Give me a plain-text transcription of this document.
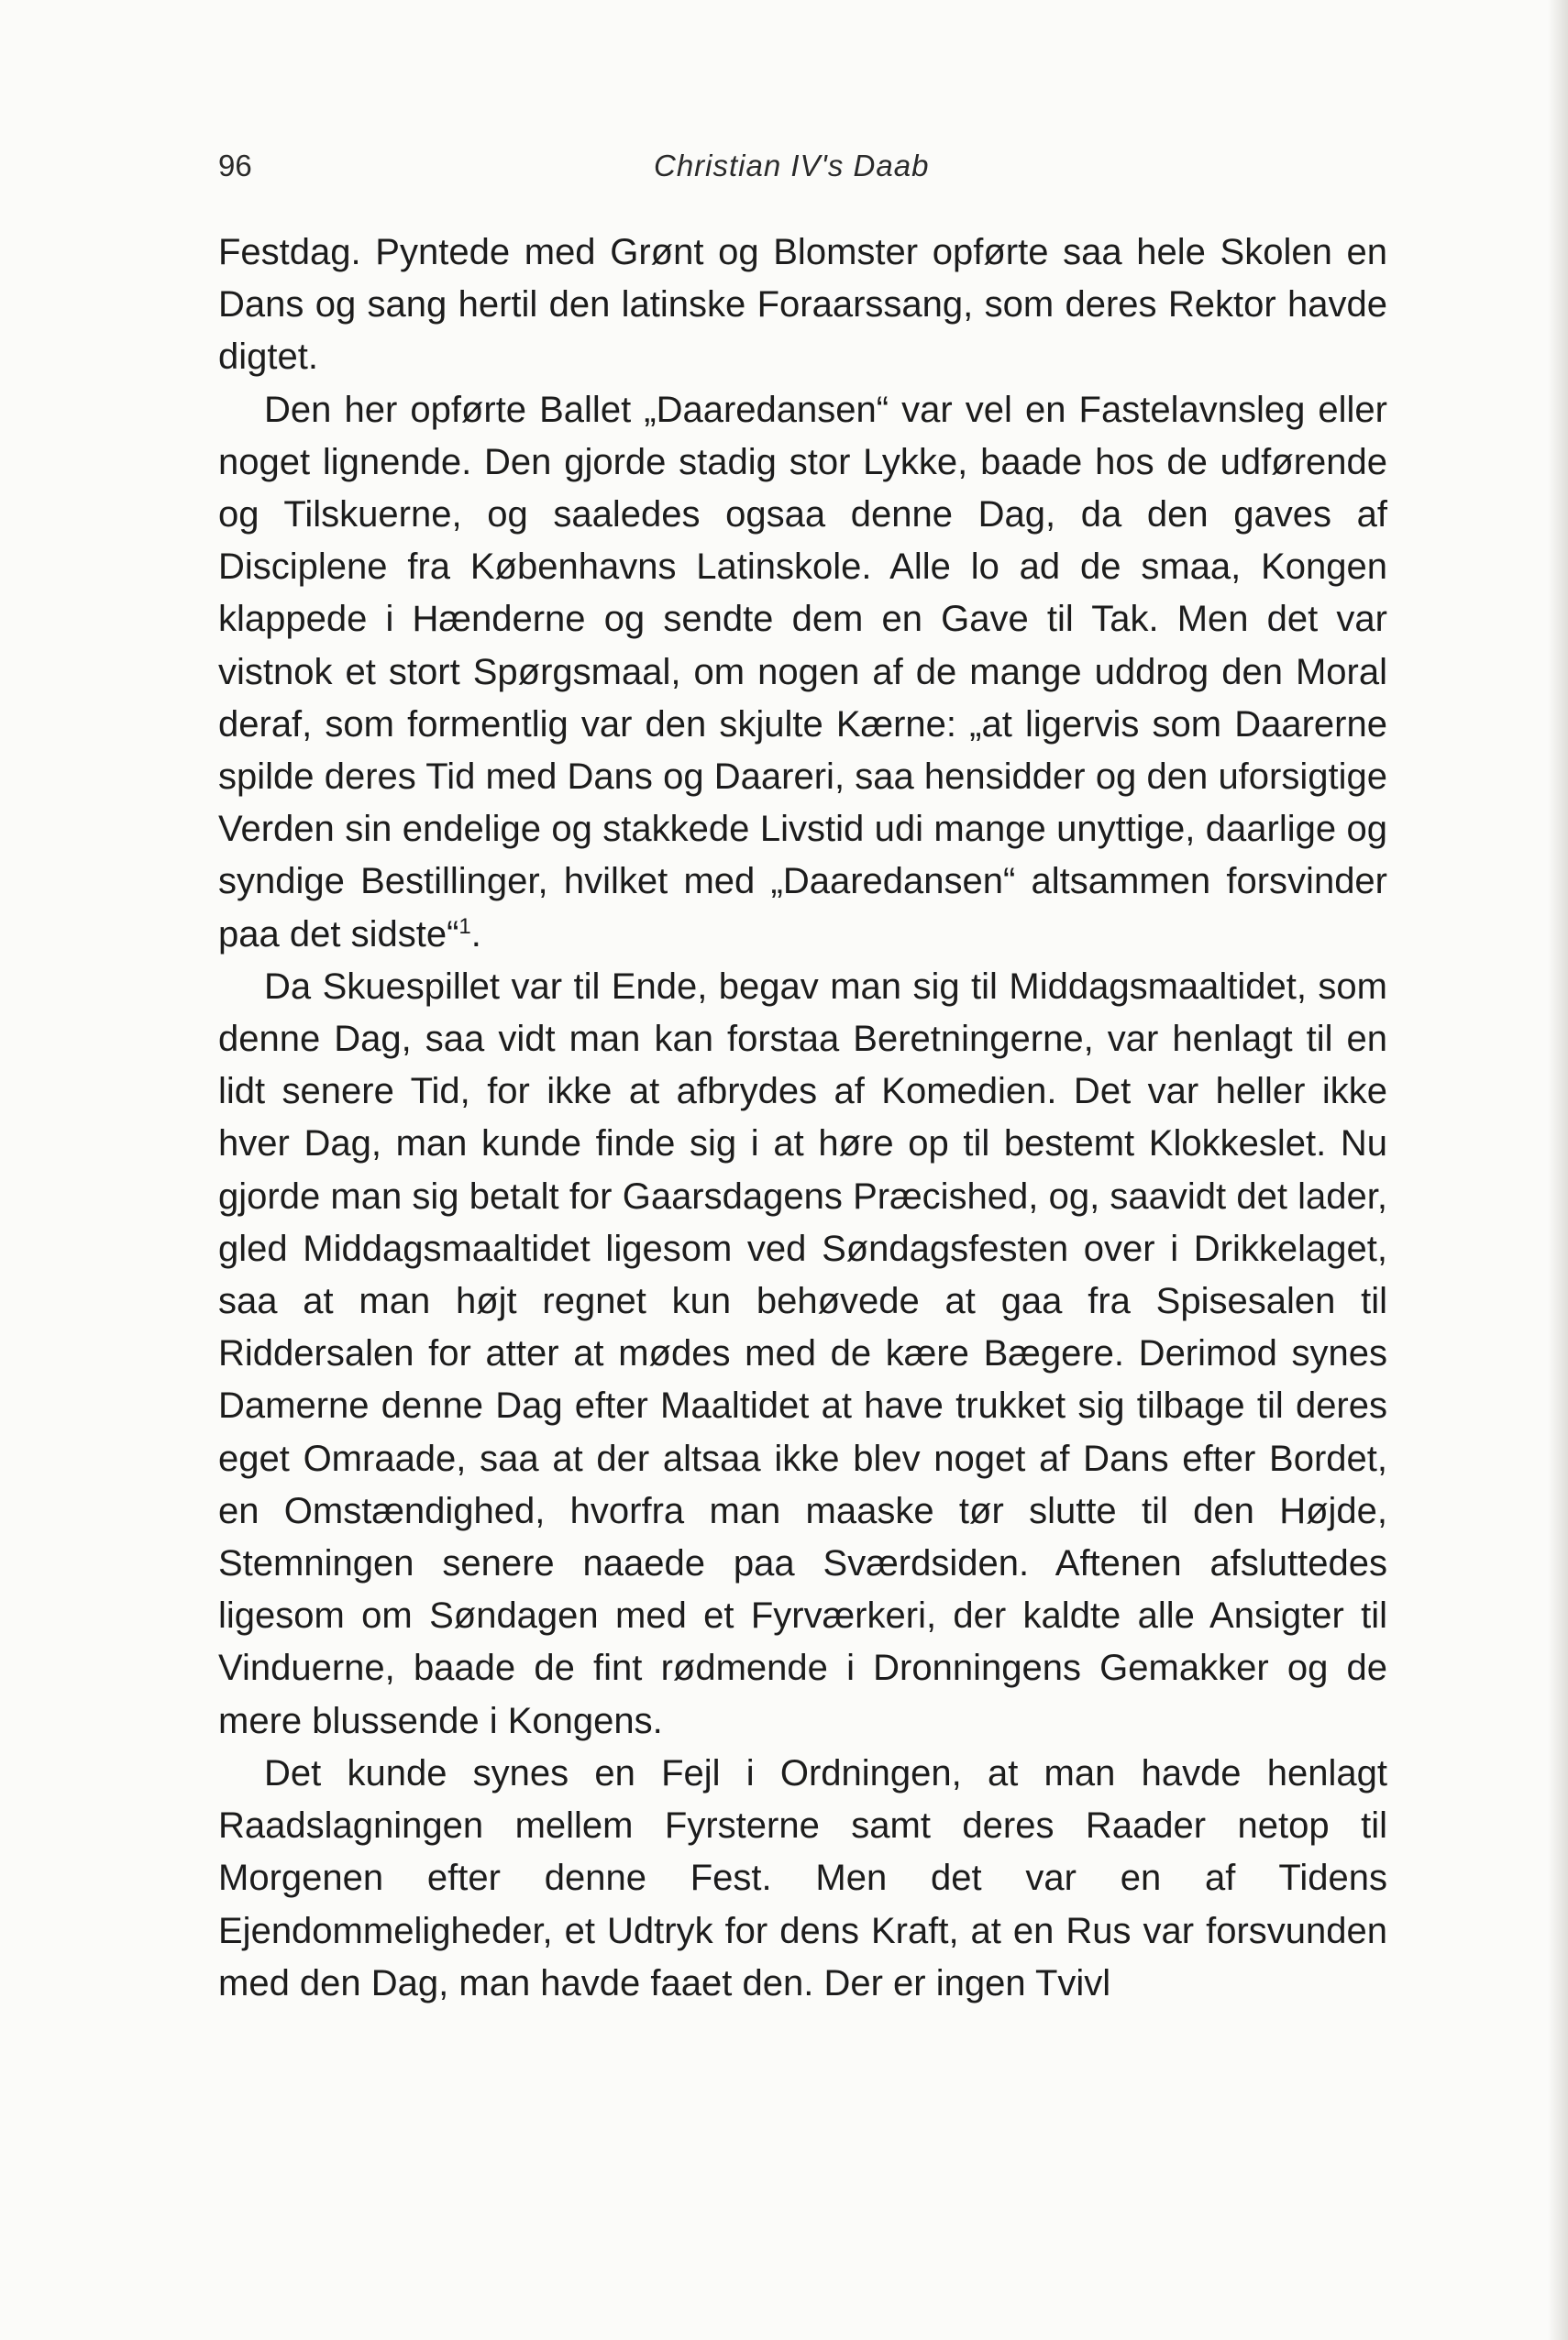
96	Christian IV's Daab

Festdag. Pyntede med Grønt og Blomster opførte saa hele Skolen en Dans og sang hertil den latinske Foraarssang, som deres Rektor havde digtet.

Den her opførte Ballet „Daaredansen“ var vel en Fastelavnsleg eller noget lignende. Den gjorde stadig stor Lykke, baade hos de udførende og Tilskuerne, og saaledes ogsaa denne Dag, da den gaves af Disciplene fra Københavns Latinskole. Alle lo ad de smaa, Kongen klappede i Hænderne og sendte dem en Gave til Tak. Men det var vistnok et stort Spørgsmaal, om nogen af de mange uddrog den Moral deraf, som formentlig var den skjulte Kærne: „at ligervis som Daarerne spilde deres Tid med Dans og Daareri, saa hensidder og den uforsigtige Verden sin endelige og stakkede Livstid udi mange unyttige, daarlige og syndige Bestillinger, hvilket med „Daaredansen“ altsammen forsvinder paa det sidste“$^1$.

Da Skuespillet var til Ende, begav man sig til Middagsmaaltidet, som denne Dag, saa vidt man kan forstaa Beretningerne, var henlagt til en lidt senere Tid, for ikke at afbrydes af Komedien. Det var heller ikke hver Dag, man kunde finde sig i at høre op til bestemt Klokkeslet. Nu gjorde man sig betalt for Gaarsdagens Præcished, og, saavidt det lader, gled Middagsmaaltidet ligesom ved Søndagsfesten over i Drikkelaget, saa at man højt regnet kun behøvede at gaa fra Spisesalen til Riddersalen for atter at mødes med de kære Bægere. Derimod synes Damerne denne Dag efter Maaltidet at have trukket sig tilbage til deres eget Omraade, saa at der altsaa ikke blev noget af Dans efter Bordet, en Omstændighed, hvorfra man maaske tør slutte til den Højde, Stemningen senere naaede paa Sværdsiden. Aftenen afsluttedes ligesom om Søndagen med et Fyrværkeri, der kaldte alle Ansigter til Vinduerne, baade de fint rødmende i Dronningens Gemakker og de mere blussende i Kongens.

Det kunde synes en Fejl i Ordningen, at man havde henlagt Raadslagningen mellem Fyrsterne samt deres Raader netop til Morgenen efter denne Fest. Men det var en af Tidens Ejendommeligheder, et Udtryk for dens Kraft, at en Rus var forsvunden med den Dag, man havde faaet den. Der er ingen Tvivl
